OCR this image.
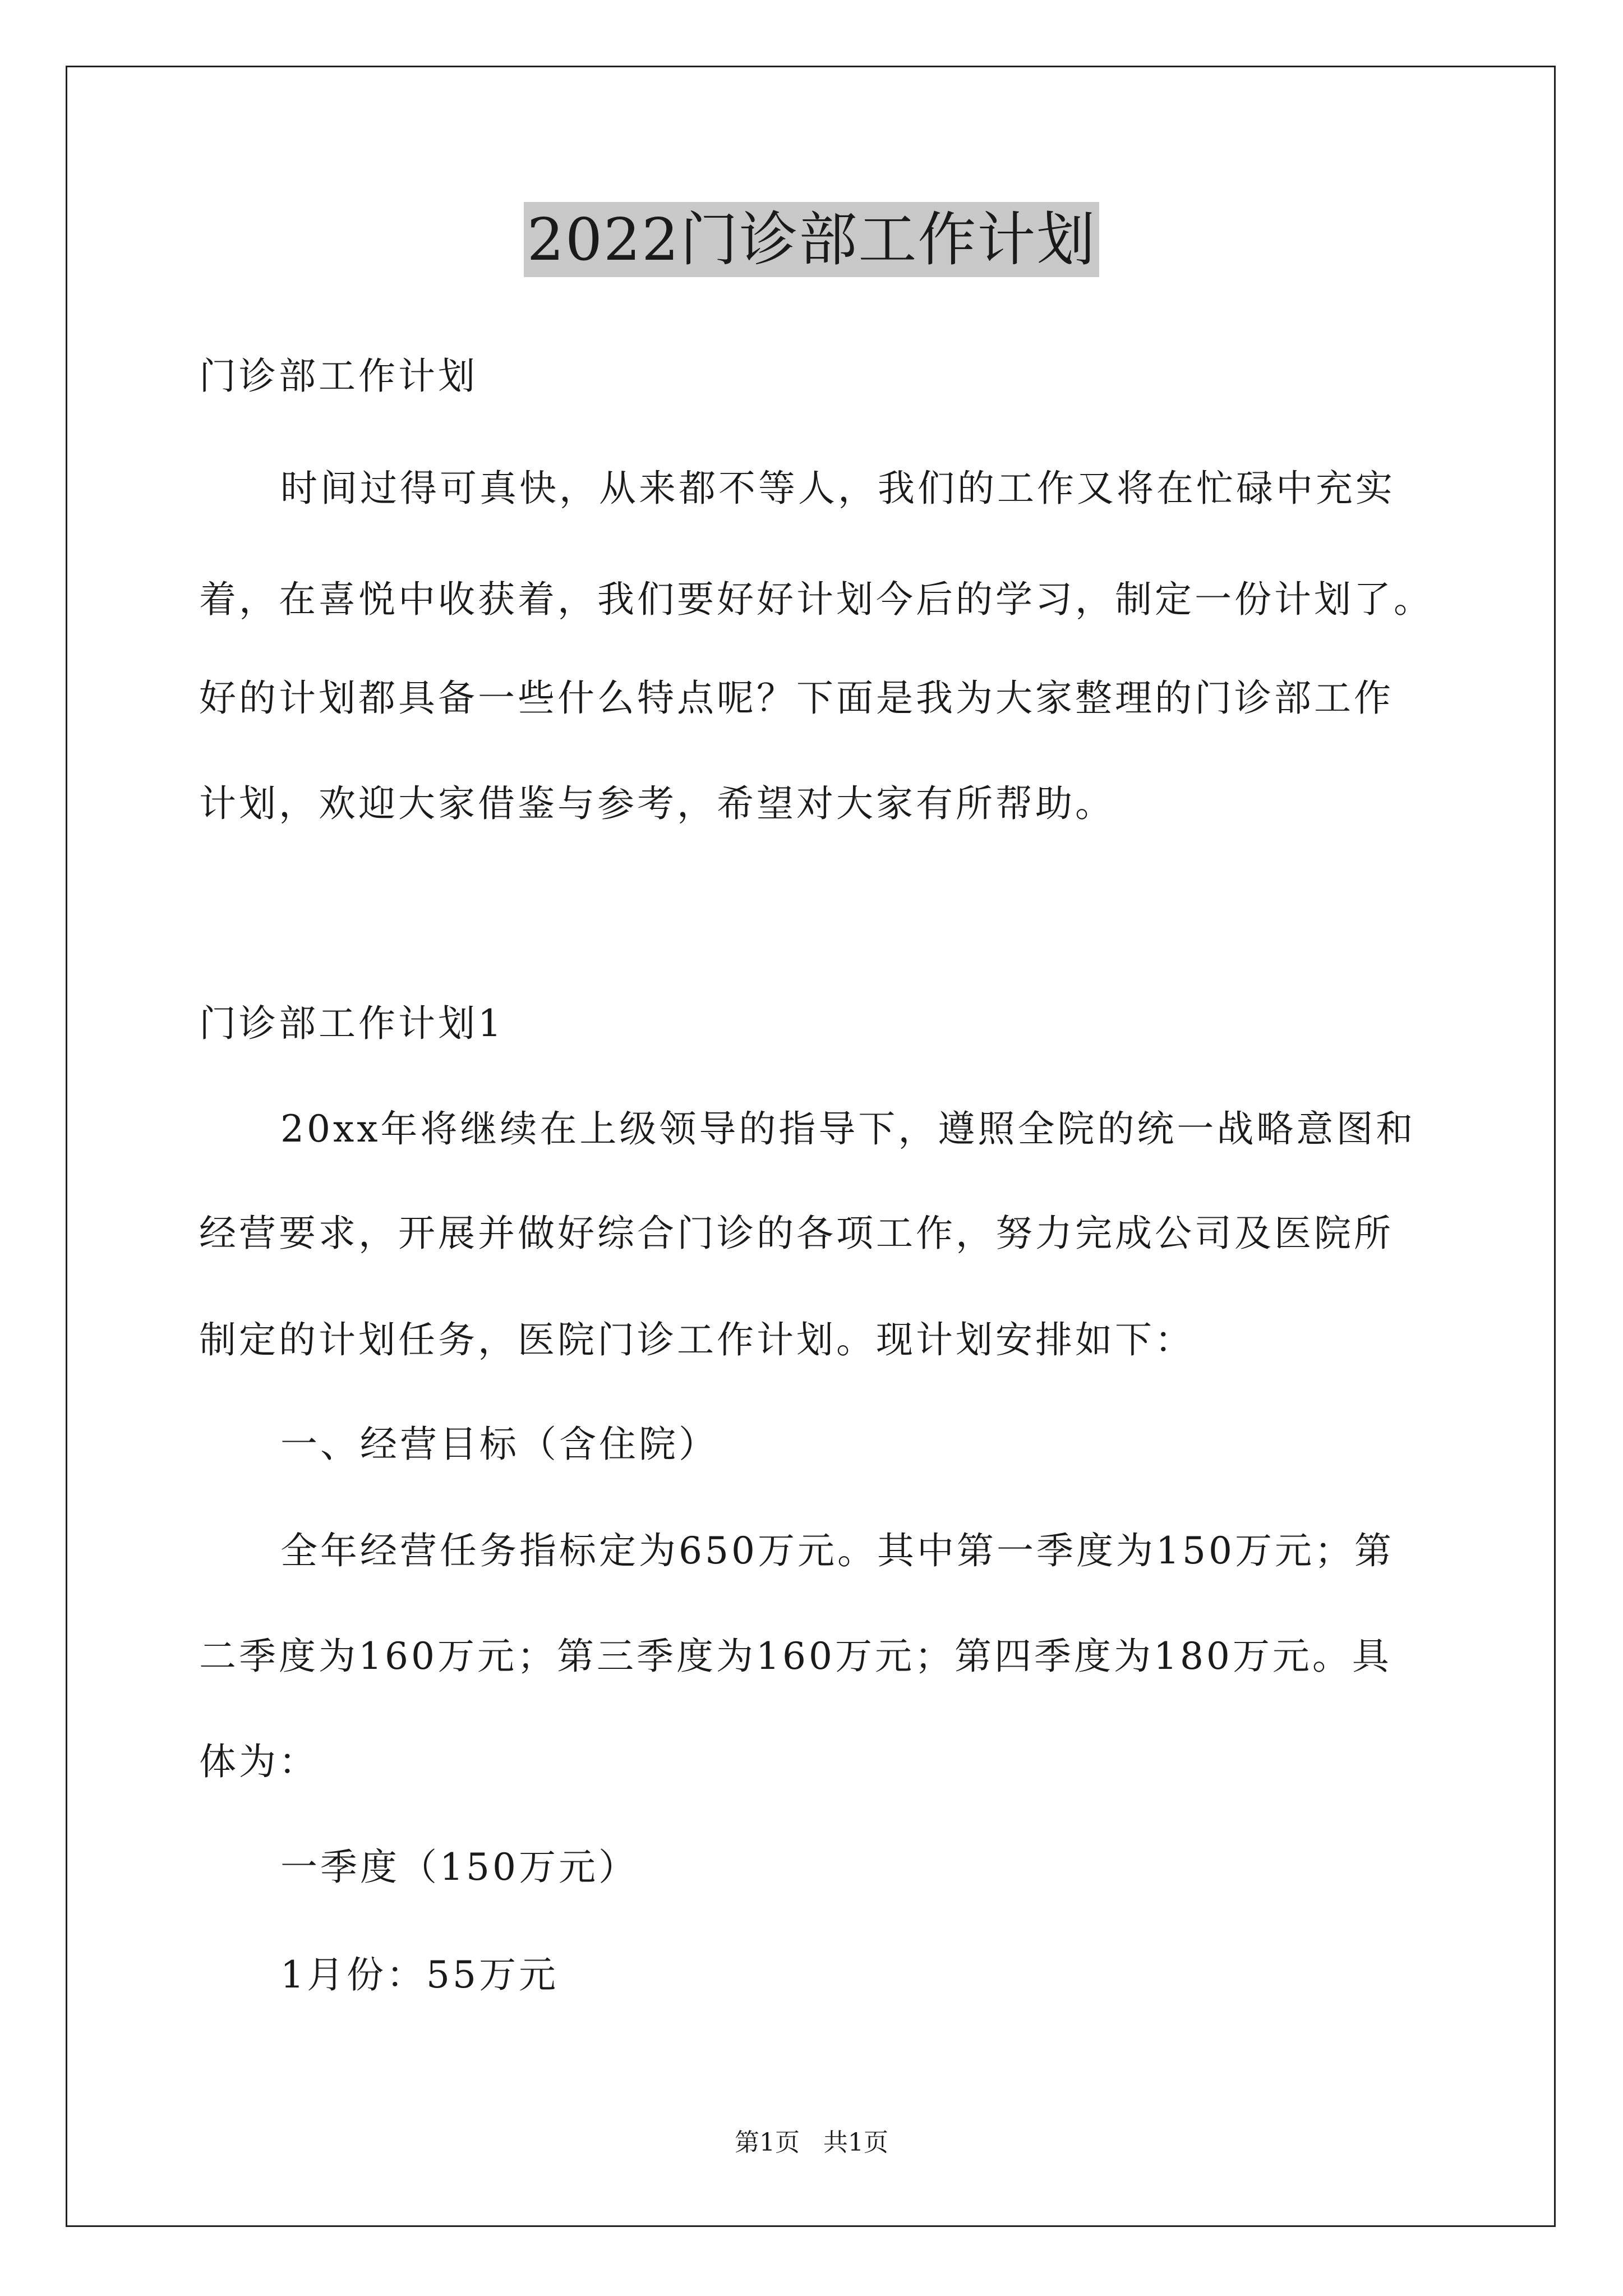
2022门诊部工作计划
门诊部工作计划
时间过得可真快，从来都不等人，我们的工作又将在忙碌中充实
着，在喜悦中收获着，我们要好好计划今后的学习，制定一份计划了。
好的计划都具备一些什么特点呢？下面是我为大家整理的门诊部工作
计划，欢迎大家借鉴与参考，希望对大家有所帮助。
门诊部工作计划1
20xx年将继续在上级领导的指导下，遵照全院的统一战略意图和
经营要求，开展并做好综合门诊的各项工作，努力完成公司及医院所
制定的计划任务，医院门诊工作计划。现计划安排如下：
一、经营目标（含住院）
全年经营任务指标定为650万元。其中第一季度为150万元；第
二季度为160万元；第三季度为160万元；第四季度为180万元。具
体为：
一季度（150万元）
1月份：55万元
第1页 共1页
